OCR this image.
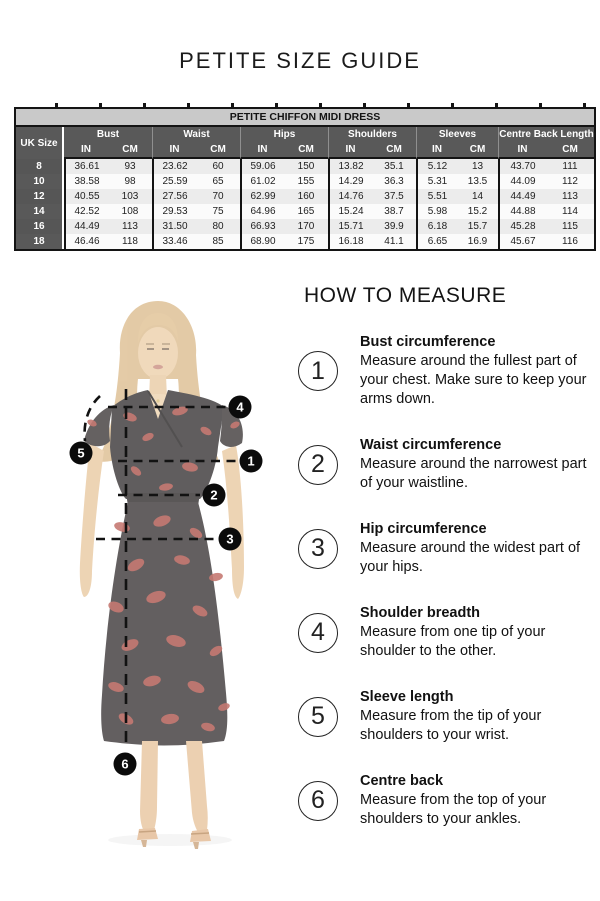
PETITE SIZE GUIDE
PETITE CHIFFON MIDI DRESS												
UK Size	Bust		Waist		Hips		Shoulders		Sleeves		Centre Back Length	
	IN	CM	IN	CM	IN	CM	IN	CM	IN	CM	IN	CM
8	36.61	93	23.62	60	59.06	150	13.82	35.1	5.12	13	43.70	111
10	38.58	98	25.59	65	61.02	155	14.29	36.3	5.31	13.5	44.09	112
12	40.55	103	27.56	70	62.99	160	14.76	37.5	5.51	14	44.49	113
14	42.52	108	29.53	75	64.96	165	15.24	38.7	5.98	15.2	44.88	114
16	44.49	113	31.50	80	66.93	170	15.71	39.9	6.18	15.7	45.28	115
18	46.46	118	33.46	85	68.90	175	16.18	41.1	6.65	16.9	45.67	116
4
1
2
3
5
6
HOW TO MEASURE
1
Bust circumference
Measure around the fullest part of your chest. Make sure to keep your arms down.
2
Waist circumference
Measure around the narrowest part of your waistline.
3
Hip circumference
Measure around the widest part of your hips.
4
Shoulder breadth
Measure from one tip of your shoulder to the other.
5
Sleeve length
Measure from the tip of your shoulders to your wrist.
6
Centre back
Measure from the top of your shoulders to your ankles.
